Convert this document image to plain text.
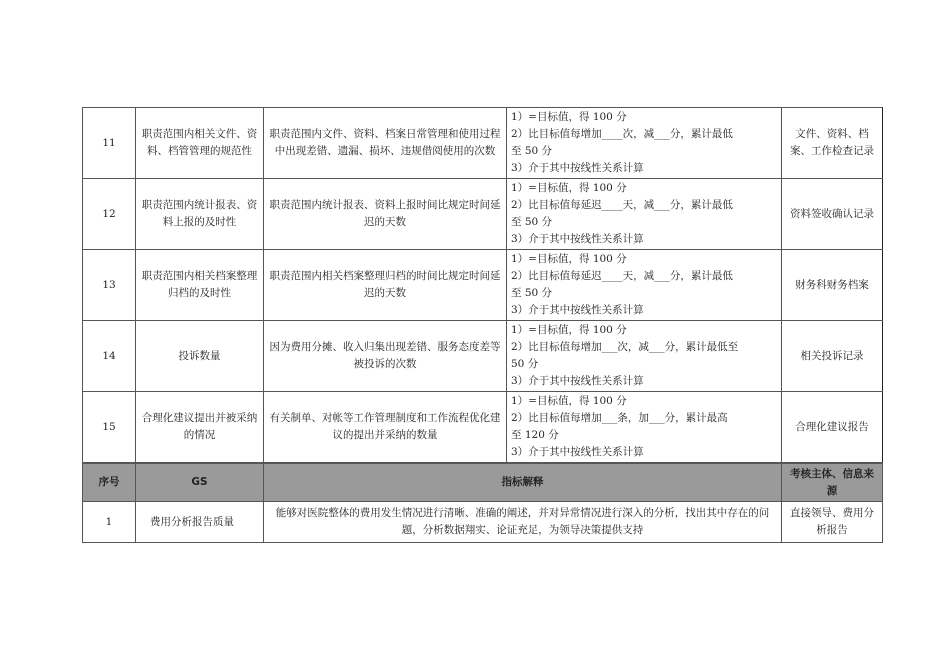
11	职责范围内相关文件、资料、档管管理的规范性	职责范围内文件、资料、档案日常管理和使用过程中出现差错、遗漏、损坏、违规借阅使用的次数	1）=目标值，得 100 分
2）比目标值每增加____次，减___分，累计最低
至 50 分
3）介于其中按线性关系计算	文件、资料、档案、工作检查记录
12	职责范围内统计报表、资料上报的及时性	职责范围内统计报表、资料上报时间比规定时间延迟的天数	1）=目标值，得 100 分
2）比目标值每延迟____天，减___分，累计最低
至 50 分
3）介于其中按线性关系计算	资料签收确认记录
13	职责范围内相关档案整理归档的及时性	职责范围内相关档案整理归档的时间比规定时间延迟的天数	1）=目标值，得 100 分
2）比目标值每延迟____天，减___分，累计最低
至 50 分
3）介于其中按线性关系计算	财务科财务档案
14	投诉数量	因为费用分摊、收入归集出现差错、服务态度差等被投诉的次数	1）=目标值，得 100 分
2）比目标值每增加___次，减___分，累计最低至
50 分
3）介于其中按线性关系计算	相关投诉记录
15	合理化建议提出并被采纳的情况	有关制单、对帐等工作管理制度和工作流程优化建议的提出并采纳的数量	1）=目标值，得 100 分
2）比目标值每增加___条，加___分，累计最高
至 120 分
3）介于其中按线性关系计算	合理化建议报告
序号	GS	指标解释	考核主体、信息来源
1	费用分析报告质量	能够对医院整体的费用发生情况进行清晰、准确的阐述，并对异常情况进行深入的分析，找出其中存在的问题，分析数据翔实、论证充足，为领导决策提供支持	直接领导、费用分析报告
